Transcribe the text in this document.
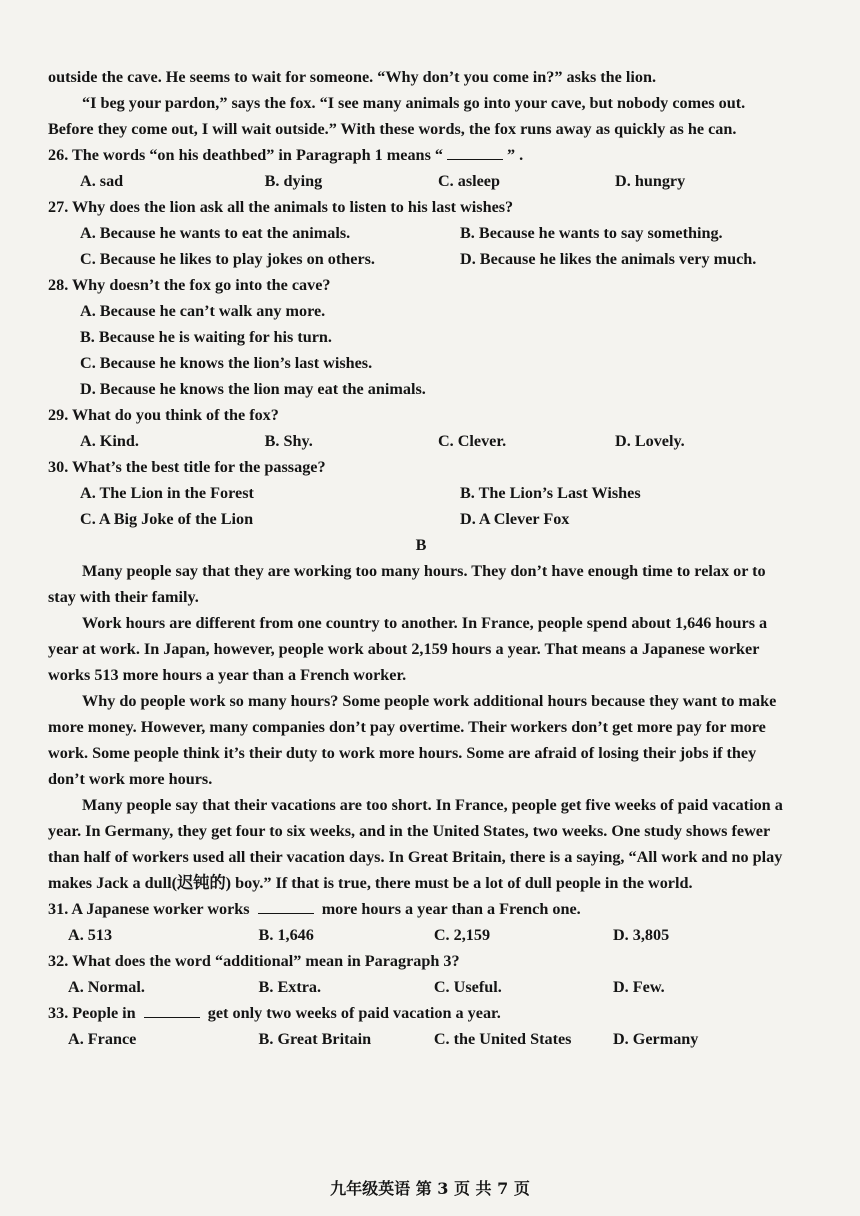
outside the cave. He seems to wait for someone. “Why don’t you come in?” asks the lion.

“I beg your pardon,” says the fox. “I see many animals go into your cave, but nobody comes out. Before they come out, I will wait outside.” With these words, the fox runs away as quickly as he can.

26. The words “on his deathbed” in Paragraph 1 means “	” .

A. sad	B. dying	C. asleep	D. hungry

27. Why does the lion ask all the animals to listen to his last wishes?

A. Because he wants to eat the animals.	B. Because he wants to say something.
C. Because he likes to play jokes on others.	D. Because he likes the animals very much.

28. Why doesn’t the fox go into the cave?

A. Because he can’t walk any more.

B. Because he is waiting for his turn.

C. Because he knows the lion’s last wishes.

D. Because he knows the lion may eat the animals.

29. What do you think of the fox?

A. Kind.	B. Shy.	C. Clever.	D. Lovely.

30. What’s the best title for the passage?

A. The Lion in the Forest	B. The Lion’s Last Wishes
C. A Big Joke of the Lion	D. A Clever Fox

B

Many people say that they are working too many hours. They don’t have enough time to relax or to stay with their family.

Work hours are different from one country to another. In France, people spend about 1,646 hours a year at work. In Japan, however, people work about 2,159 hours a year. That means a Japanese worker works 513 more hours a year than a French worker.

Why do people work so many hours? Some people work additional hours because they want to make more money. However, many companies don’t pay overtime. Their workers don’t get more pay for more work. Some people think it’s their duty to work more hours. Some are afraid of losing their jobs if they don’t work more hours.

Many people say that their vacations are too short. In France, people get five weeks of paid vacation a year. In Germany, they get four to six weeks, and in the United States, two weeks. One study shows fewer than half of workers used all their vacation days. In Great Britain, there is a saying, “All work and no play makes Jack a dull(迟钝的) boy.” If that is true, there must be a lot of dull people in the world.

31. A Japanese worker works	more hours a year than a French one.

A. 513	B. 1,646	C. 2,159	D. 3,805

32. What does the word “additional” mean in Paragraph 3?

A. Normal.	B. Extra.	C. Useful.	D. Few.

33. People in	get only two weeks of paid vacation a year.

A. France	B. Great Britain	C. the United States	D. Germany
九年级英语 第 3 页 共 7 页
